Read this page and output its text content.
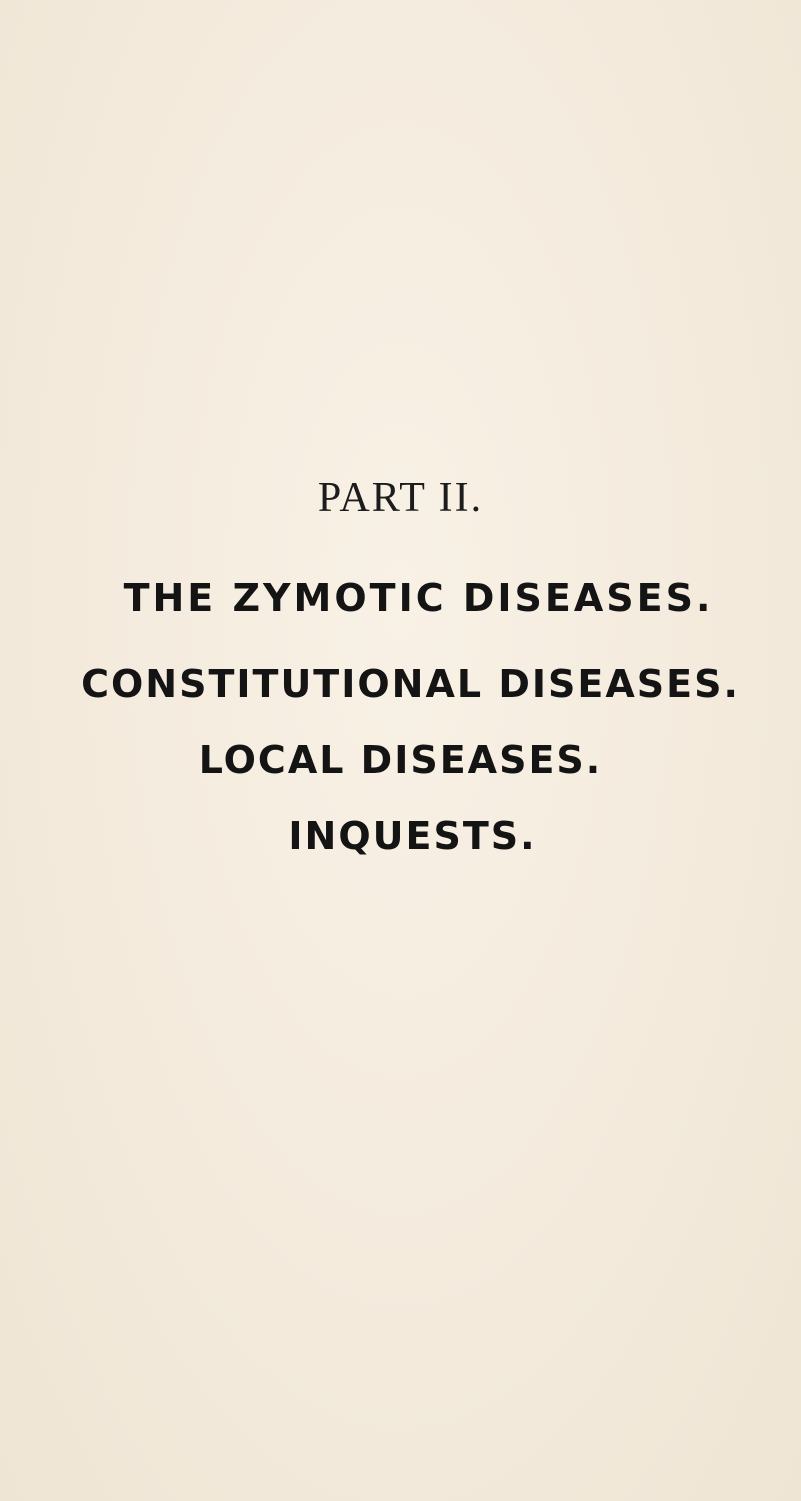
PART II.
THE ZYMOTIC DISEASES.
CONSTITUTIONAL DISEASES.
LOCAL DISEASES.
INQUESTS.
